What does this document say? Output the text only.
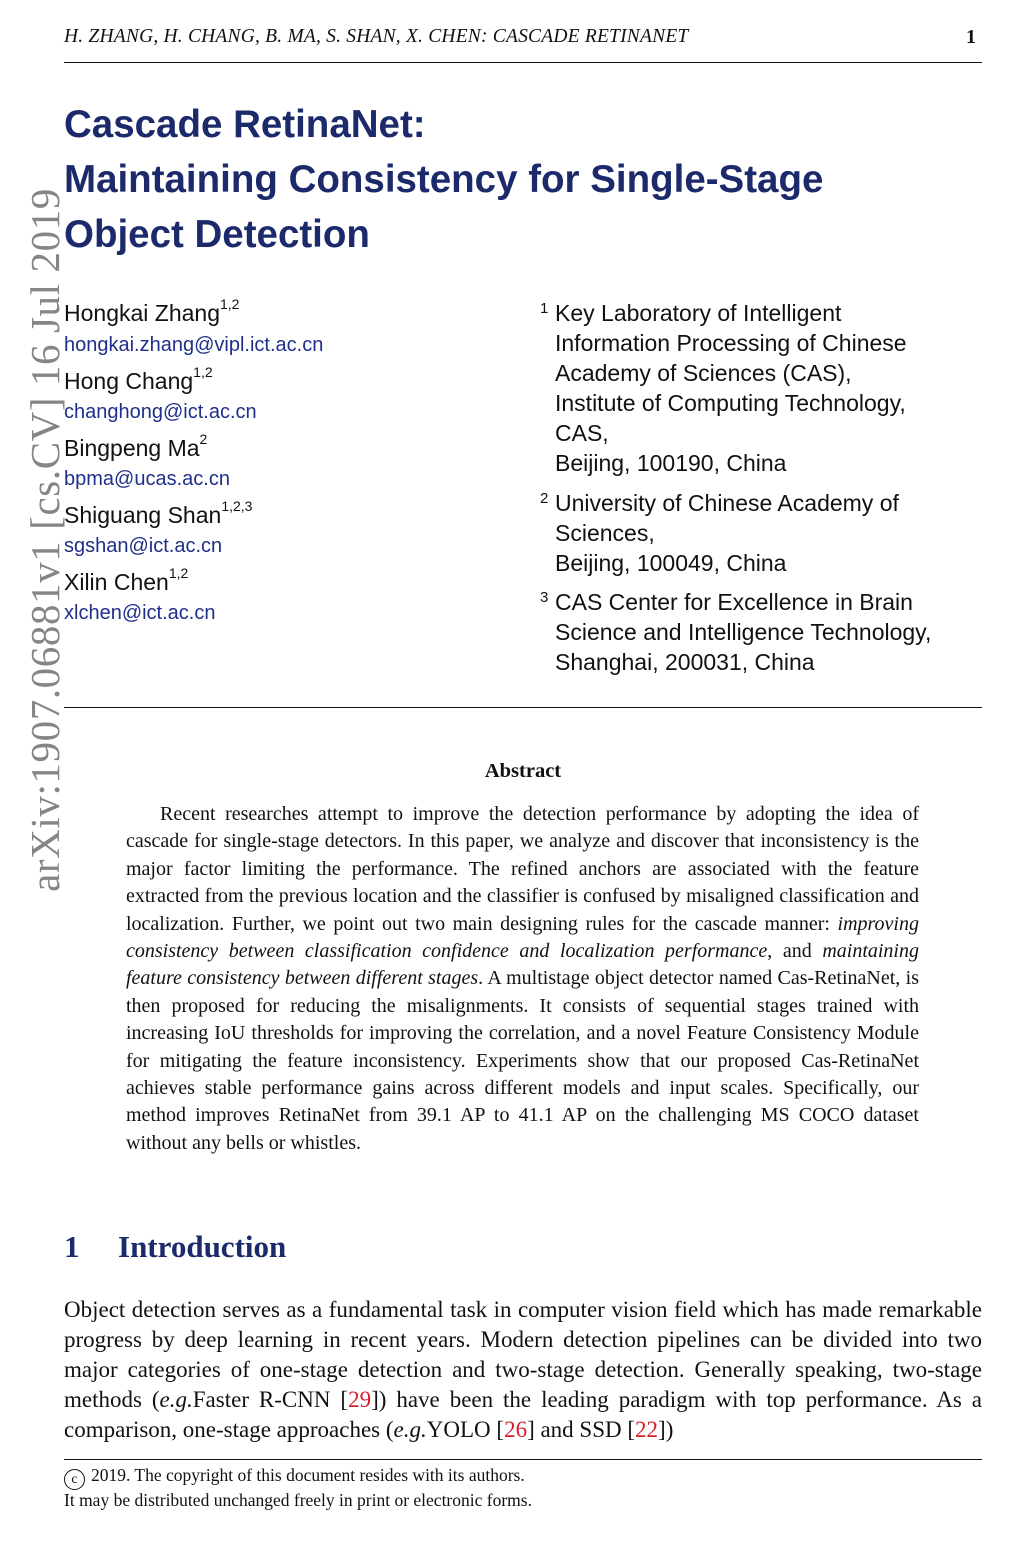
H. ZHANG, H. CHANG, B. MA, S. SHAN, X. CHEN: CASCADE RETINANET	1
arXiv:1907.06881v1 [cs.CV] 16 Jul 2019
Cascade RetinaNet:
Maintaining Consistency for Single-Stage
Object Detection
Hongkai Zhang$^{1,2}$
hongkai.zhang@vipl.ict.ac.cn
Hong Chang$^{1,2}$
changhong@ict.ac.cn
Bingpeng Ma$^2$
bpma@ucas.ac.cn
Shiguang Shan$^{1,2,3}$
sgshan@ict.ac.cn
Xilin Chen$^{1,2}$
xlchen@ict.ac.cn
1 Key Laboratory of Intelligent
Information Processing of Chinese
Academy of Sciences (CAS),
Institute of Computing Technology,
CAS,
Beijing, 100190, China
2 University of Chinese Academy of
Sciences,
Beijing, 100049, China
3 CAS Center for Excellence in Brain
Science and Intelligence Technology,
Shanghai, 200031, China
Abstract
Recent researches attempt to improve the detection performance by adopting the idea of cascade for single-stage detectors. In this paper, we analyze and discover that inconsistency is the major factor limiting the performance. The refined anchors are associated with the feature extracted from the previous location and the classifier is confused by misaligned classification and localization. Further, we point out two main designing rules for the cascade manner: improving consistency between classification confidence and localization performance, and maintaining feature consistency between different stages. A multistage object detector named Cas-RetinaNet, is then proposed for reducing the misalignments. It consists of sequential stages trained with increasing IoU thresholds for improving the correlation, and a novel Feature Consistency Module for mitigating the feature inconsistency. Experiments show that our proposed Cas-RetinaNet achieves stable performance gains across different models and input scales. Specifically, our method improves RetinaNet from 39.1 AP to 41.1 AP on the challenging MS COCO dataset without any bells or whistles.
1 Introduction
Object detection serves as a fundamental task in computer vision field which has made remarkable progress by deep learning in recent years. Modern detection pipelines can be divided into two major categories of one-stage detection and two-stage detection. Generally speaking, two-stage methods (e.g.Faster R-CNN [29]) have been the leading paradigm with top performance. As a comparison, one-stage approaches (e.g.YOLO [26] and SSD [22])
c 2019. The copyright of this document resides with its authors.
It may be distributed unchanged freely in print or electronic forms.
